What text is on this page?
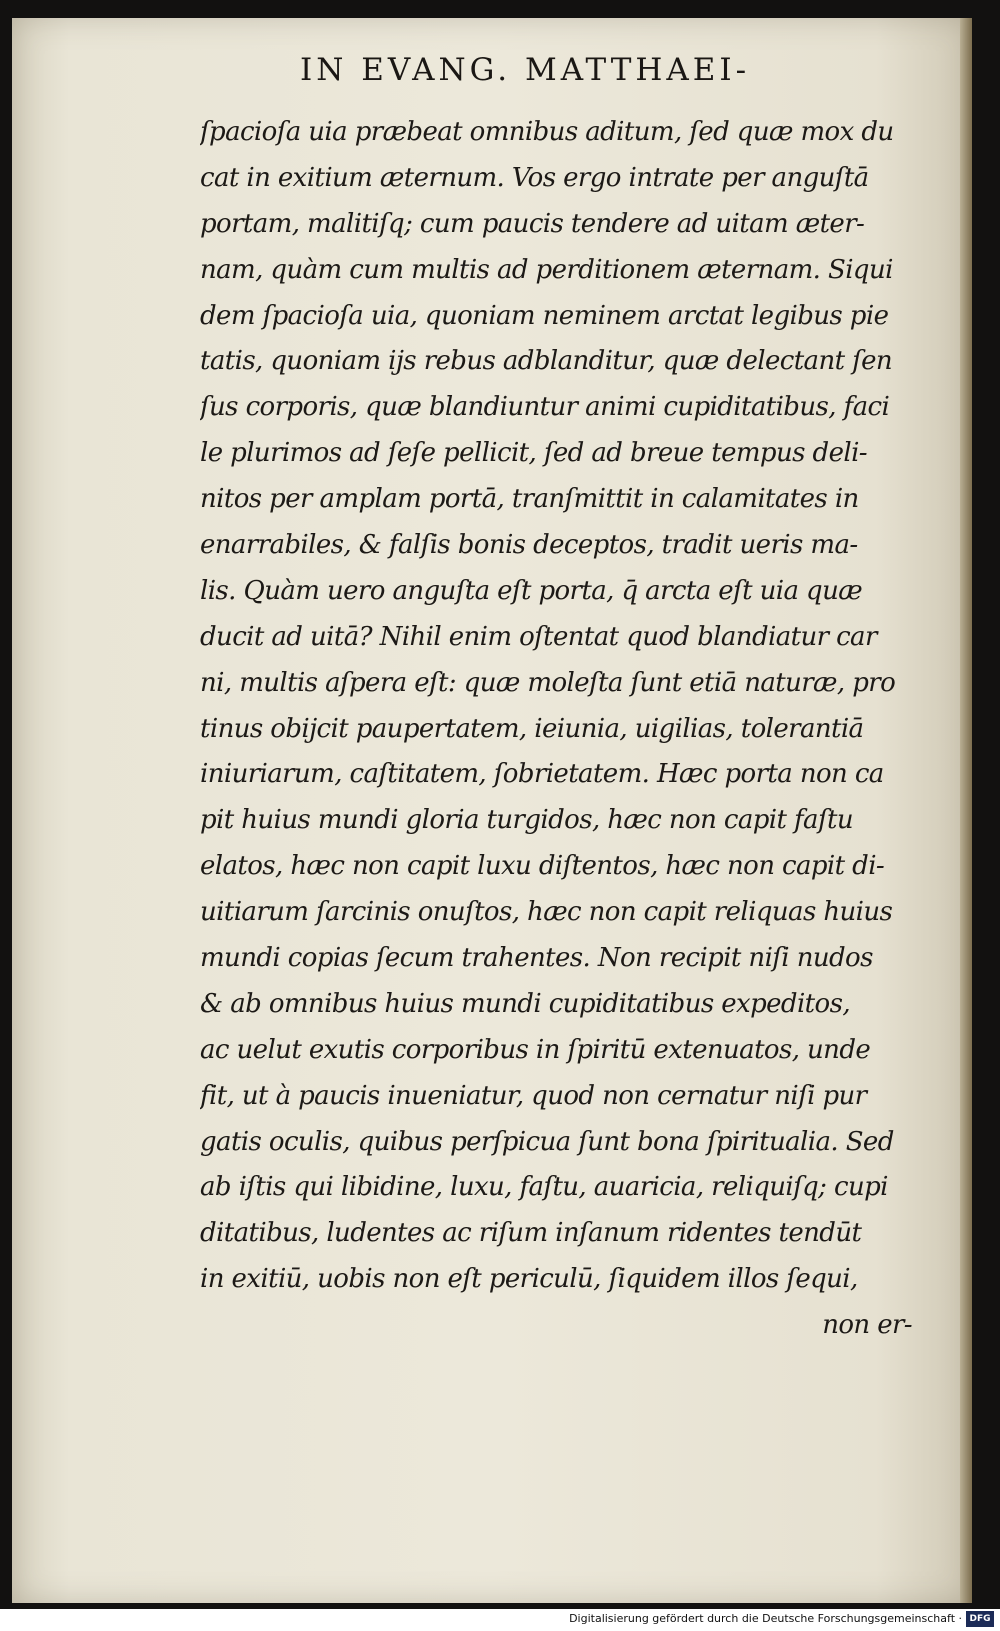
IN EVANG. MATTHAEI-
ſpacioſa uia præbeat omnibus aditum, ſed quæ mox du
cat in exitium æternum. Vos ergo intrate per anguſtā
portam, malitiſq; cum paucis tendere ad uitam æter-
nam, quàm cum multis ad perditionem æternam. Siqui
dem ſpacioſa uia, quoniam neminem arctat legibus pie
tatis, quoniam ijs rebus adblanditur, quæ delectant ſen
ſus corporis, quæ blandiuntur animi cupiditatibus, faci
le plurimos ad ſeſe pellicit, ſed ad breue tempus deli-
nitos per amplam portā, tranſmittit in calamitates in
enarrabiles, & falſis bonis deceptos, tradit ueris ma-
lis. Quàm uero anguſta eſt porta, q̄ arcta eſt uia quæ
ducit ad uitā? Nihil enim oſtentat quod blandiatur car
ni, multis aſpera eſt: quæ moleſta ſunt etiā naturæ, pro
tinus obijcit paupertatem, ieiunia, uigilias, tolerantiā
iniuriarum, caſtitatem, ſobrietatem. Hæc porta non ca
pit huius mundi gloria turgidos, hæc non capit faſtu
elatos, hæc non capit luxu diſtentos, hæc non capit di-
uitiarum ſarcinis onuſtos, hæc non capit reliquas huius
mundi copias ſecum trahentes. Non recipit niſi nudos
& ab omnibus huius mundi cupiditatibus expeditos,
ac uelut exutis corporibus in ſpiritū extenuatos, unde
fit, ut à paucis inueniatur, quod non cernatur niſi pur
gatis oculis, quibus perſpicua ſunt bona ſpiritualia. Sed
ab iſtis qui libidine, luxu, faſtu, auaricia, reliquiſq; cupi
ditatibus, ludentes ac riſum inſanum ridentes tendūt
in exitiū, uobis non eſt periculū, ſiquidem illos ſequi,
non er-
Digitalisierung gefördert durch die Deutsche Forschungsgemeinschaft · DFG
